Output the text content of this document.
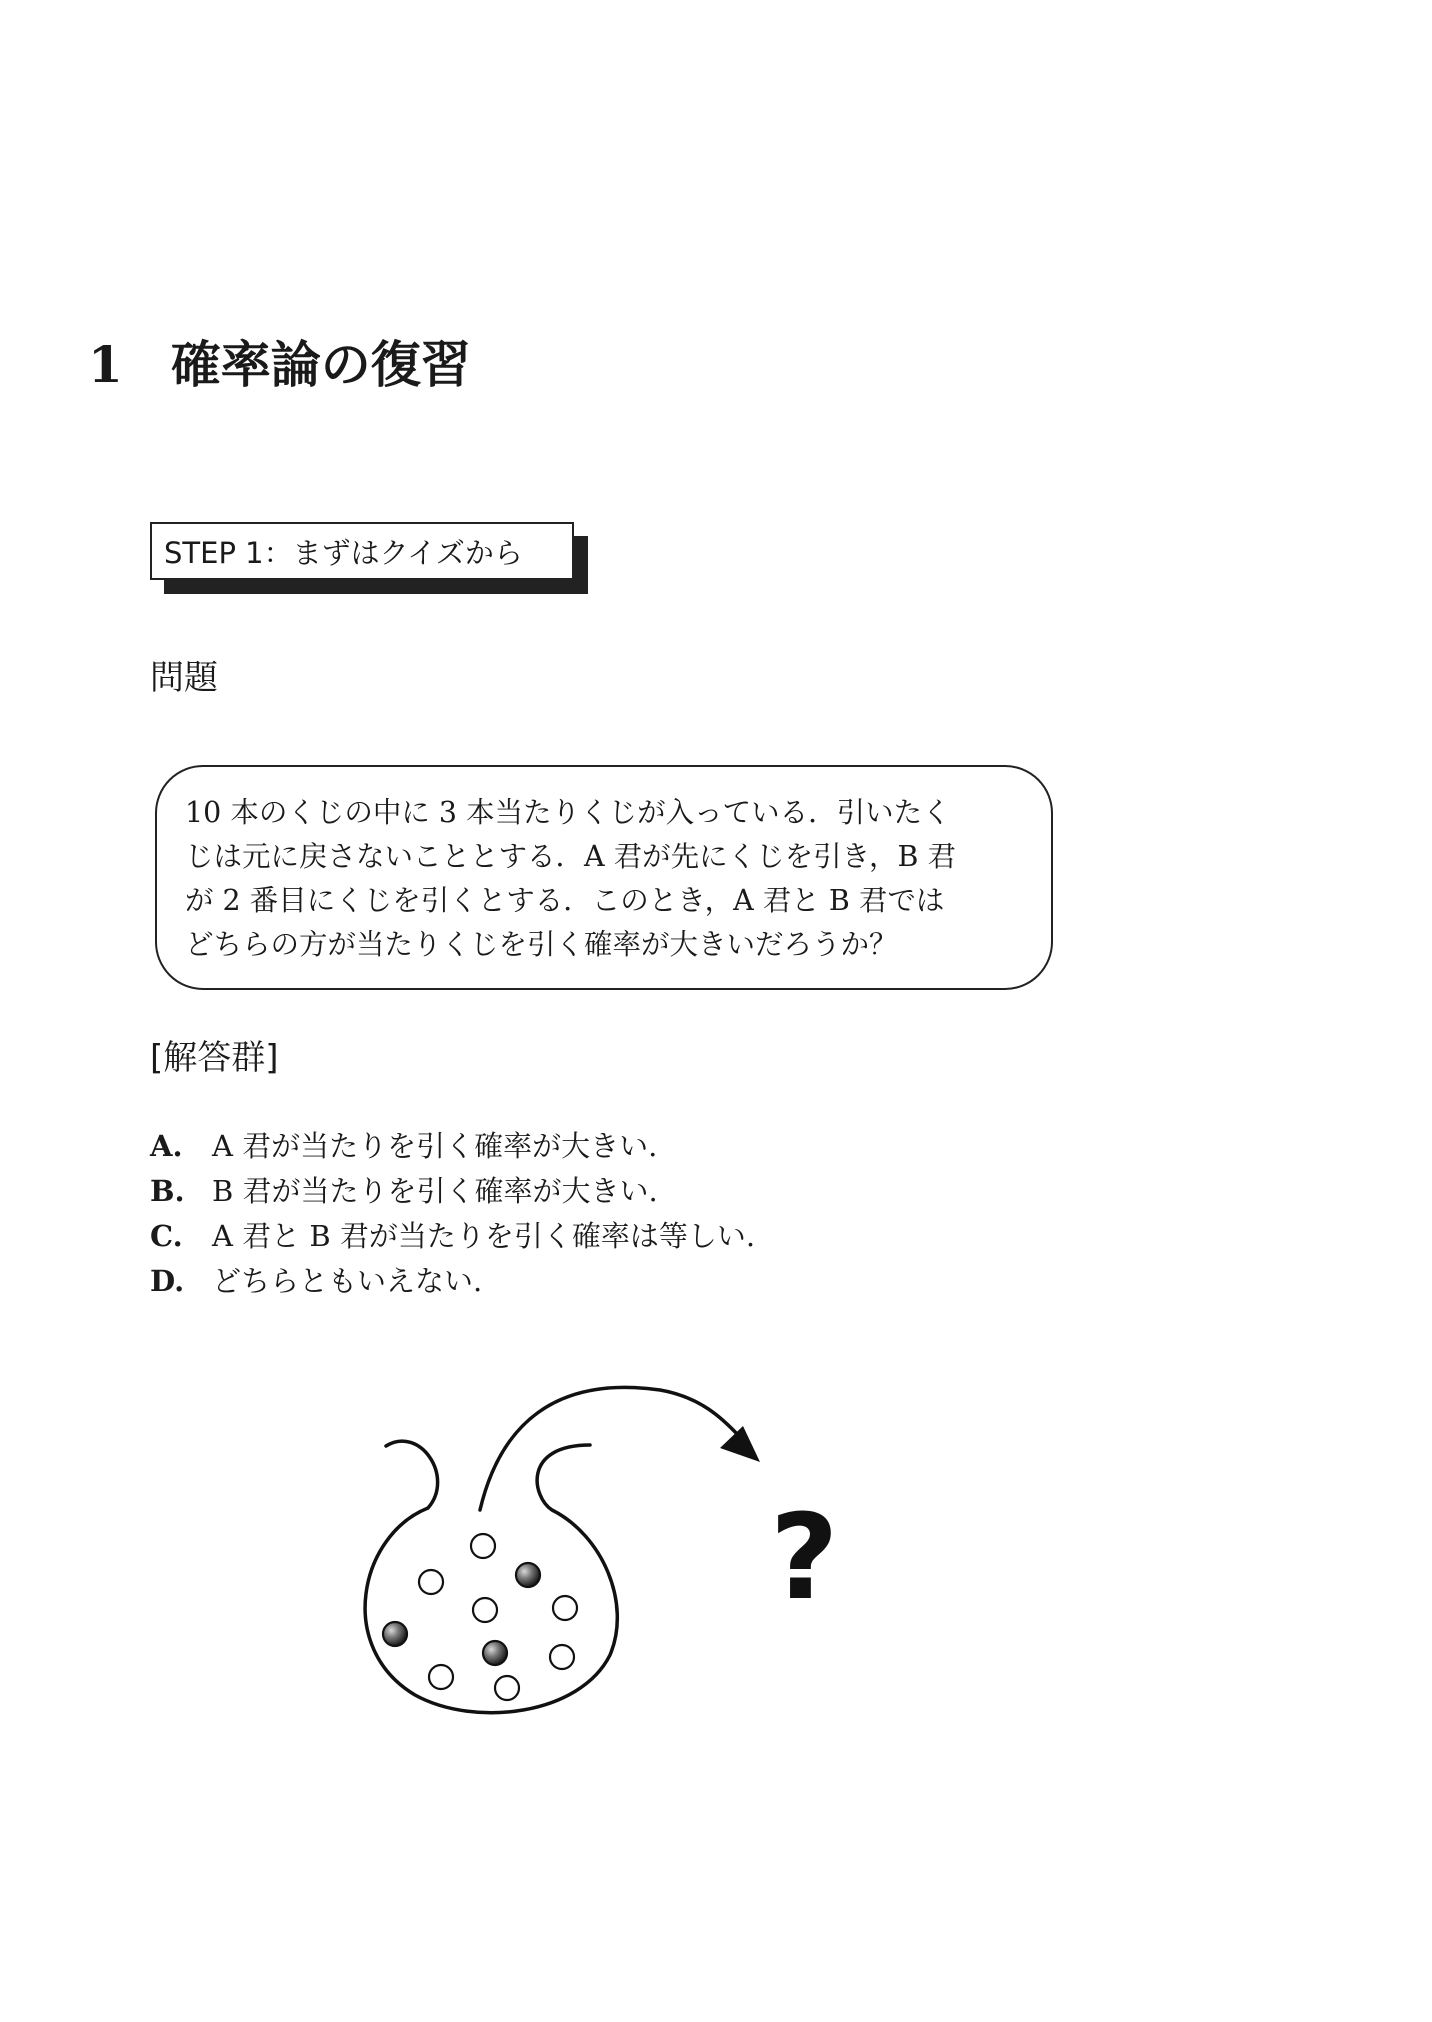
1 確率論の復習
STEP 1：まずはクイズから
問題
10 本のくじの中に 3 本当たりくじが入っている．引いたく
じは元に戻さないこととする．A 君が先にくじを引き，B 君
が 2 番目にくじを引くとする．このとき，A 君と B 君では
どちらの方が当たりくじを引く確率が大きいだろうか？
[解答群]
A.	A 君が当たりを引く確率が大きい.
B. B 君が当たりを引く確率が大きい.
C.	A 君と B 君が当たりを引く確率は等しい.
D. どちらともいえない.
?
